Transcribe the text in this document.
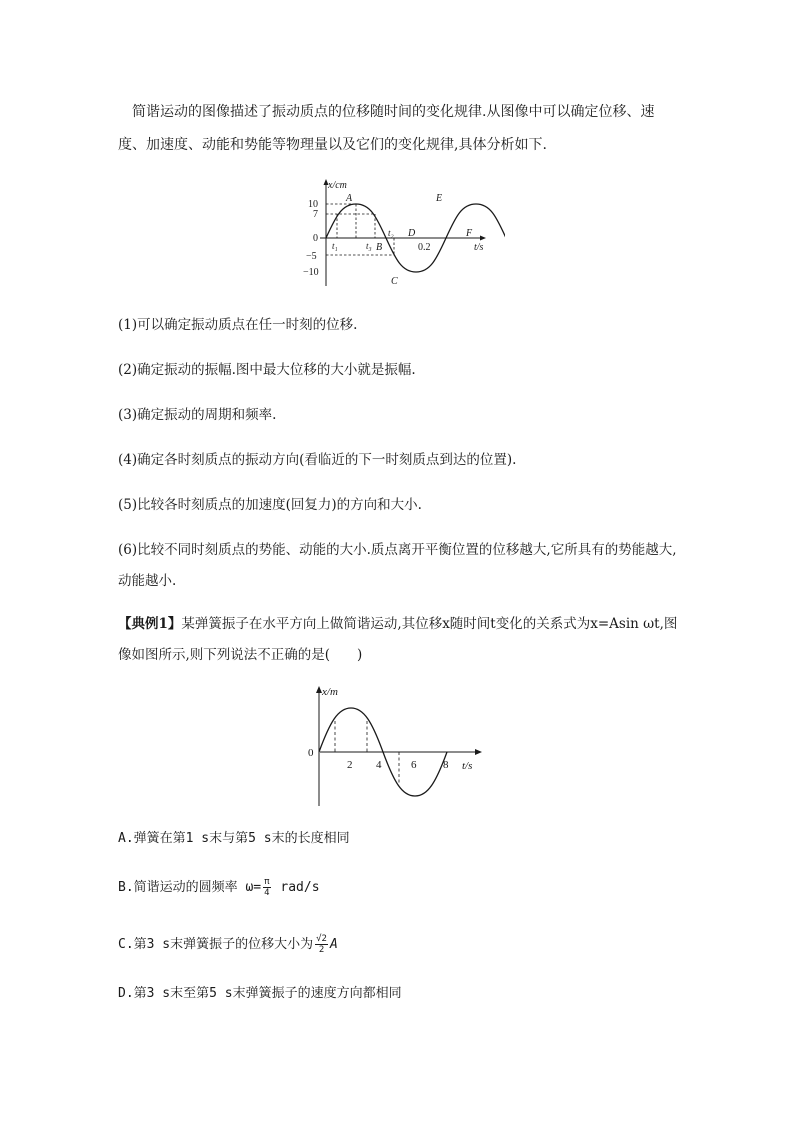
简谐运动的图像描述了振动质点的位移随时间的变化规律.从图像中可以确定位移、速度、加速度、动能和势能等物理量以及它们的变化规律,具体分析如下.

x/cm
t/s
10
7
0
−5
−10
t₁	t₃
t₂
0.2
A
B
C
D
E
F

(1)可以确定振动质点在任一时刻的位移.

(2)确定振动的振幅.图中最大位移的大小就是振幅.

(3)确定振动的周期和频率.

(4)确定各时刻质点的振动方向(看临近的下一时刻质点到达的位置).

(5)比较各时刻质点的加速度(回复力)的方向和大小.

(6)比较不同时刻质点的势能、动能的大小.质点离开平衡位置的位移越大,它所具有的势能越大,动能越小.

【典例1】某弹簧振子在水平方向上做简谐运动,其位移x随时间t变化的关系式为x=Asin ωt,图像如图所示,则下列说法不正确的是(　　)

x/m
t/s
0
2 4	6 8

A.弹簧在第1 s末与第5 s末的长度相同

B.简谐运动的圆频率 $\omega= \frac{\pi}{4} rad/s$

C.第3 s末弹簧振子的位移大小为 $\frac{√2}{2}$ A

D.第3 s末至第5 s末弹簧振子的速度方向都相同
